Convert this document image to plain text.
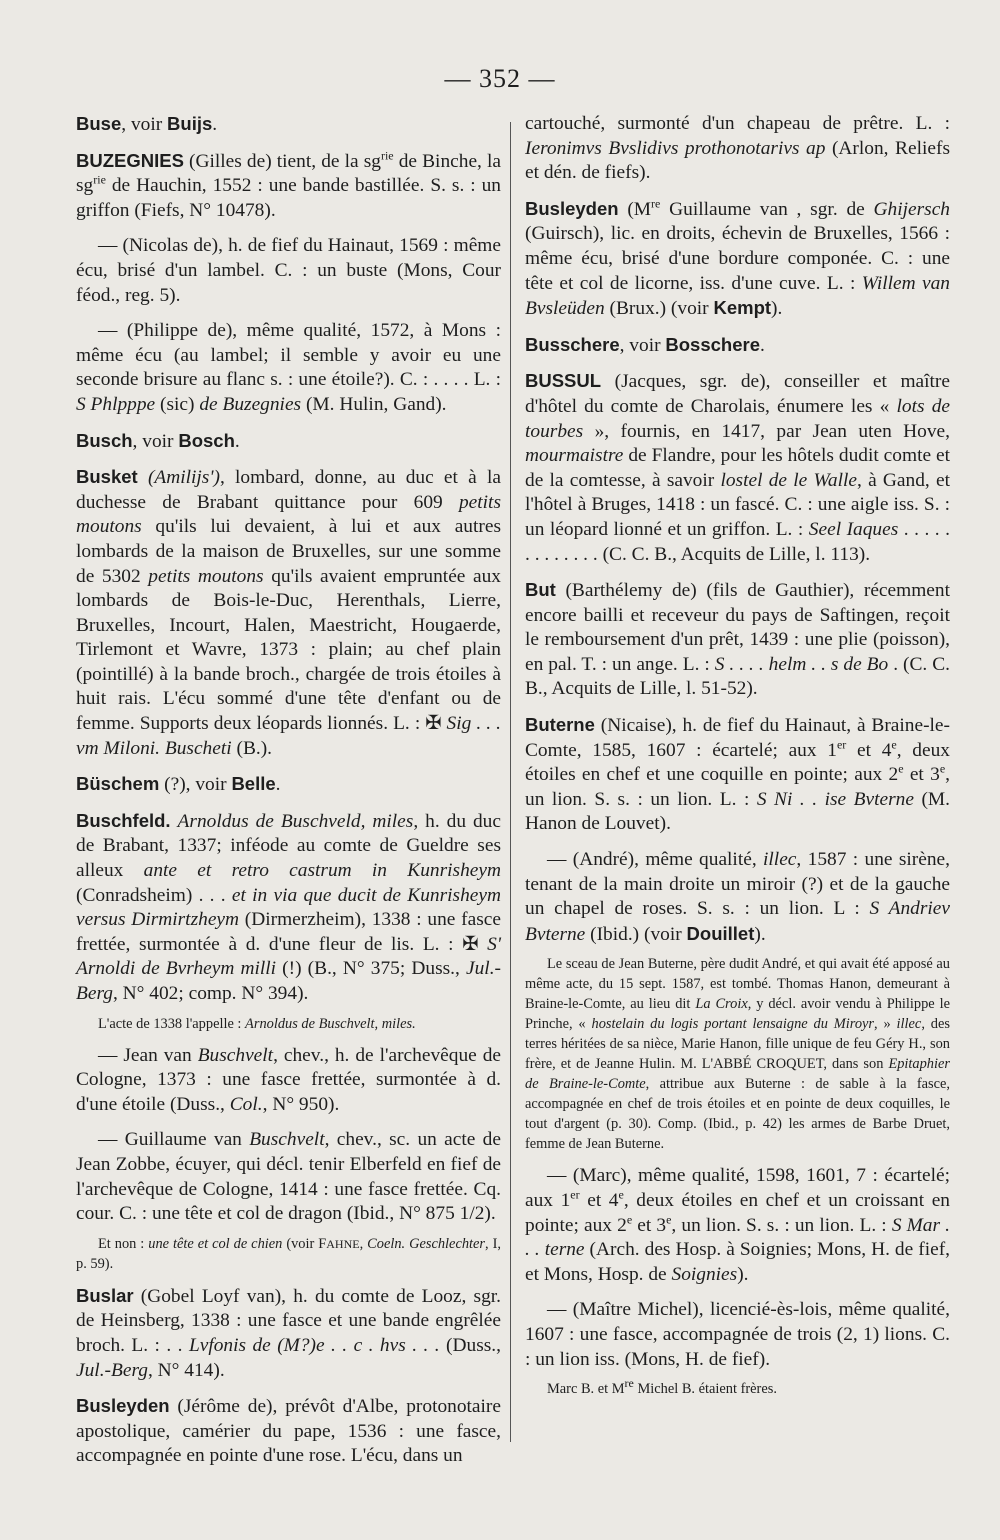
— 352 —

Buse, voir Buijs.

BUZEGNIES (Gilles de) tient, de la $sg^{rie}$ de Binche, la $sg^{rie}$ de Hauchin, 1552 : une bande bastillée. S. s. : un griffon (Fiefs, N° 10478).

— (Nicolas de), h. de fief du Hainaut, 1569 : même écu, brisé d'un lambel. C. : un buste (Mons, Cour féod., reg. 5).

— (Philippe de), même qualité, 1572, à Mons : même écu (au lambel; il semble y avoir eu une seconde brisure au flanc s. : une étoile?). C. : . . . . L. : S Phlpppe (sic) de Buzegnies (M. Hulin, Gand).

Busch, voir Bosch.

Busket (Amilijs'), lombard, donne, au duc et à la duchesse de Brabant quittance pour 609 petits moutons qu'ils lui devaient, à lui et aux autres lombards de la maison de Bruxelles, sur une somme de 5302 petits moutons qu'ils avaient empruntée aux lombards de Bois-le-Duc, Herenthals, Lierre, Bruxelles, Incourt, Halen, Maestricht, Hougaerde, Tirlemont et Wavre, 1373 : plain; au chef plain (pointillé) à la bande broch., chargée de trois étoiles à huit rais. L'écu sommé d'une tête d'enfant ou de femme. Supports deux léopards lionnés. L. : ✠ Sig . . . vm Miloni. Buscheti (B.).

Büschem (?), voir Belle.

Buschfeld. Arnoldus de Buschveld, miles, h. du duc de Brabant, 1337; inféode au comte de Gueldre ses alleux ante et retro castrum in Kunrisheym (Conradsheim) . . . et in via que ducit de Kunrisheym versus Dirmirtzheym (Dirmerzheim), 1338 : une fasce frettée, surmontée à d. d'une fleur de lis. L. : ✠ S' Arnoldi de Bvrheym milli (!) (B., N° 375; Duss., Jul.-Berg, N° 402; comp. N° 394).

L'acte de 1338 l'appelle : Arnoldus de Buschvelt, miles.

— Jean van Buschvelt, chev., h. de l'archevêque de Cologne, 1373 : une fasce frettée, surmontée à d. d'une étoile (Duss., Col., N° 950).

— Guillaume van Buschvelt, chev., sc. un acte de Jean Zobbe, écuyer, qui décl. tenir Elberfeld en fief de l'archevêque de Cologne, 1414 : une fasce frettée. Cq. cour. C. : une tête et col de dragon (Ibid., N° 875 1/2).

Et non : une tête et col de chien (voir FAHNE, Coeln. Geschlechter, I, p. 59).

Buslar (Gobel Loyf van), h. du comte de Looz, sgr. de Heinsberg, 1338 : une fasce et une bande engrêlée broch. L. : . . Lvfonis de (M?)e . . c . hvs . . . (Duss., Jul.-Berg, N° 414).

Busleyden (Jérôme de), prévôt d'Albe, protonotaire apostolique, camérier du pape, 1536 : une fasce, accompagnée en pointe d'une rose. L'écu, dans un

cartouché, surmonté d'un chapeau de prêtre. L. : Ieronimvs Bvslidivs prothonotarivs ap (Arlon, Reliefs et dén. de fiefs).

Busleyden (Mre Guillaume van , sgr. de Ghijersch (Guirsch), lic. en droits, échevin de Bruxelles, 1566 : même écu, brisé d'une bordure componée. C. : une tête et col de licorne, iss. d'une cuve. L. : Willem van Bvsleüden (Brux.) (voir Kempt).

Busschere, voir Bosschere.

BUSSUL (Jacques, sgr. de), conseiller et maître d'hôtel du comte de Charolais, énumere les « lots de tourbes », fournis, en 1417, par Jean uten Hove, mourmaistre de Flandre, pour les hôtels dudit comte et de la comtesse, à savoir lostel de le Walle, à Gand, et l'hôtel à Bruges, 1418 : un fascé. C. : une aigle iss. S. : un léopard lionné et un griffon. L. : Seel Iaques . . . . . . . . . . . . . (C. C. B., Acquits de Lille, l. 113).

But (Barthélemy de) (fils de Gauthier), récemment encore bailli et receveur du pays de Saftingen, reçoit le remboursement d'un prêt, 1439 : une plie (poisson), en pal. T. : un ange. L. : S . . . . helm . . s de Bo . (C. C. B., Acquits de Lille, l. 51-52).

Buterne (Nicaise), h. de fief du Hainaut, à Braine-le-Comte, 1585, 1607 : écartelé; aux 1er et 4e, deux étoiles en chef et une coquille en pointe; aux 2e et 3e, un lion. S. s. : un lion. L. : S Ni . . ise Bvterne (M. Hanon de Louvet).

— (André), même qualité, illec, 1587 : une sirène, tenant de la main droite un miroir (?) et de la gauche un chapel de roses. S. s. : un lion. L : S Andriev Bvterne (Ibid.) (voir Douillet).

Le sceau de Jean Buterne, père dudit André, et qui avait été apposé au même acte, du 15 sept. 1587, est tombé. Thomas Hanon, demeurant à Braine-le-Comte, au lieu dit La Croix, y décl. avoir vendu à Philippe le Prinche, « hostelain du logis portant lensaigne du Miroyr, » illec, des terres héritées de sa nièce, Marie Hanon, fille unique de feu Géry H., son frère, et de Jeanne Hulin. M. L'ABBÉ CROQUET, dans son Epitaphier de Braine-le-Comte, attribue aux Buterne : de sable à la fasce, accompagnée en chef de trois étoiles et en pointe de deux coquilles, le tout d'argent (p. 30). Comp. (Ibid., p. 42) les armes de Barbe Druet, femme de Jean Buterne.

— (Marc), même qualité, 1598, 1601, 7 : écartelé; aux 1er et 4e, deux étoiles en chef et un croissant en pointe; aux 2e et 3e, un lion. S. s. : un lion. L. : S Mar . . . terne (Arch. des Hosp. à Soignies; Mons, H. de fief, et Mons, Hosp. de Soignies).

— (Maître Michel), licencié-ès-lois, même qualité, 1607 : une fasce, accompagnée de trois (2, 1) lions. C. : un lion iss. (Mons, H. de fief).

Marc B. et Mre Michel B. étaient frères.
